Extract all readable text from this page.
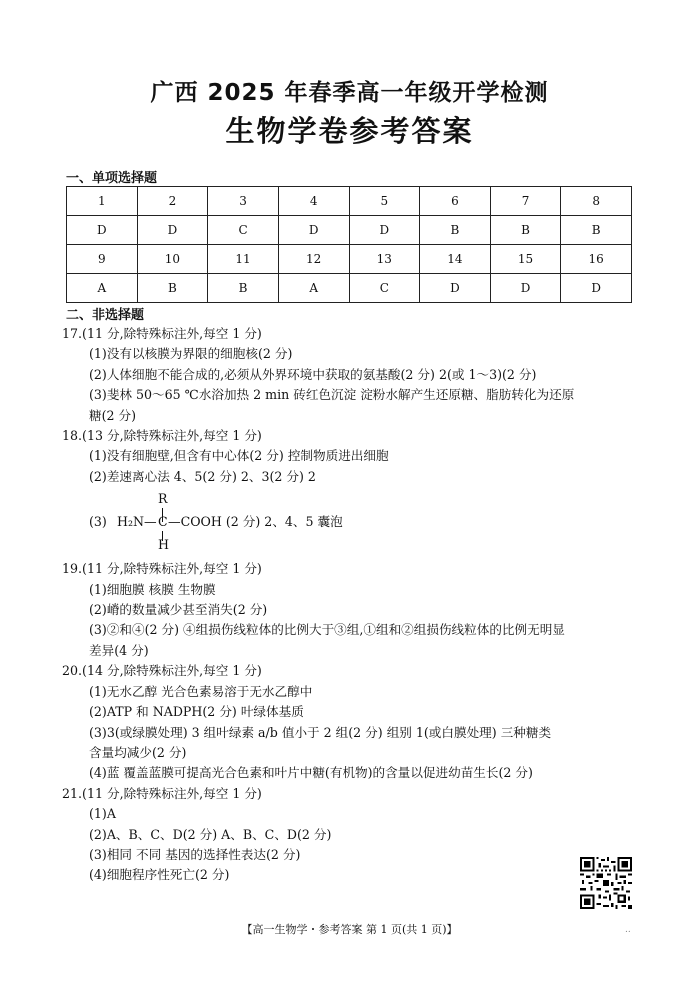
广西 2025 年春季高一年级开学检测
生物学卷参考答案
一、单项选择题
1	2	3	4	5	6	7	8
D	D	C	D	D	B	B	B
9	10	11	12	13	14	15	16
A	B	B	A	C	D	D	D
二、非选择题
17.(11 分,除特殊标注外,每空 1 分)
(1)没有以核膜为界限的细胞核(2 分)
(2)人体细胞不能合成的,必须从外界环境中获取的氨基酸(2 分) 2(或 1～3)(2 分)
(3)斐林 50～65 ℃水浴加热 2 min 砖红色沉淀 淀粉水解产生还原糖、脂肪转化为还原
糖(2 分)
18.(13 分,除特殊标注外,每空 1 分)
(1)没有细胞壁,但含有中心体(2 分) 控制物质进出细胞
(2)差速离心法 4、5(2 分) 2、3(2 分) 2
R
(3) H₂N— C —COOH (2 分) 2、4、5 囊泡
H
19.(11 分,除特殊标注外,每空 1 分)
(1)细胞膜 核膜 生物膜
(2)嵴的数量减少甚至消失(2 分)
(3)②和④(2 分) ④组损伤线粒体的比例大于③组,①组和②组损伤线粒体的比例无明显
差异(4 分)
20.(14 分,除特殊标注外,每空 1 分)
(1)无水乙醇 光合色素易溶于无水乙醇中
(2)ATP 和 NADPH(2 分) 叶绿体基质
(3)3(或绿膜处理) 3 组叶绿素 a/b 值小于 2 组(2 分) 组别 1(或白膜处理) 三种糖类
含量均减少(2 分)
(4)蓝 覆盖蓝膜可提高光合色素和叶片中糖(有机物)的含量以促进幼苗生长(2 分)
21.(11 分,除特殊标注外,每空 1 分)
(1)A
(2)A、B、C、D(2 分) A、B、C、D(2 分)
(3)相同 不同 基因的选择性表达(2 分)
(4)细胞程序性死亡(2 分)
【高一生物学・参考答案 第 1 页(共 1 页)】	..
